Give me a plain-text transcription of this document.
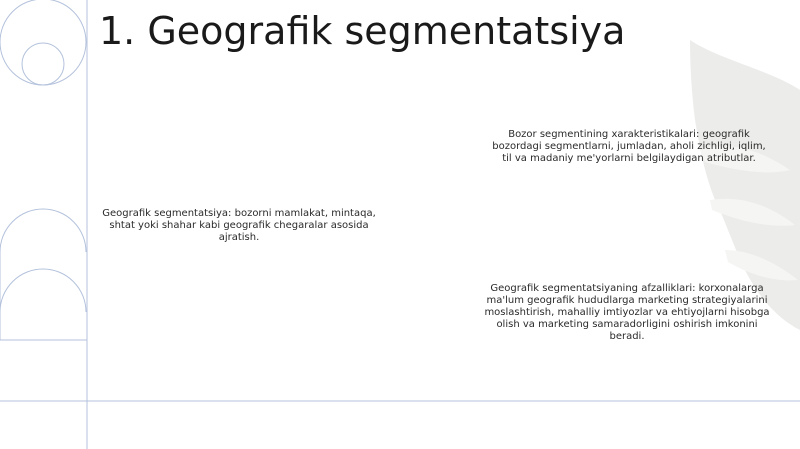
1. Geografik segmentatsiya

Geografik segmentatsiya: bozorni mamlakat, mintaqa, shtat yoki shahar kabi geografik chegaralar asosida ajratish.

Bozor segmentining xarakteristikalari: geografik bozordagi segmentlarni, jumladan, aholi zichligi, iqlim, til va madaniy me'yorlarni belgilaydigan atributlar.

Geografik segmentatsiyaning afzalliklari: korxonalarga ma'lum geografik hududlarga marketing strategiyalarini moslashtirish, mahalliy imtiyozlar va ehtiyojlarni hisobga olish va marketing samaradorligini oshirish imkonini beradi.
